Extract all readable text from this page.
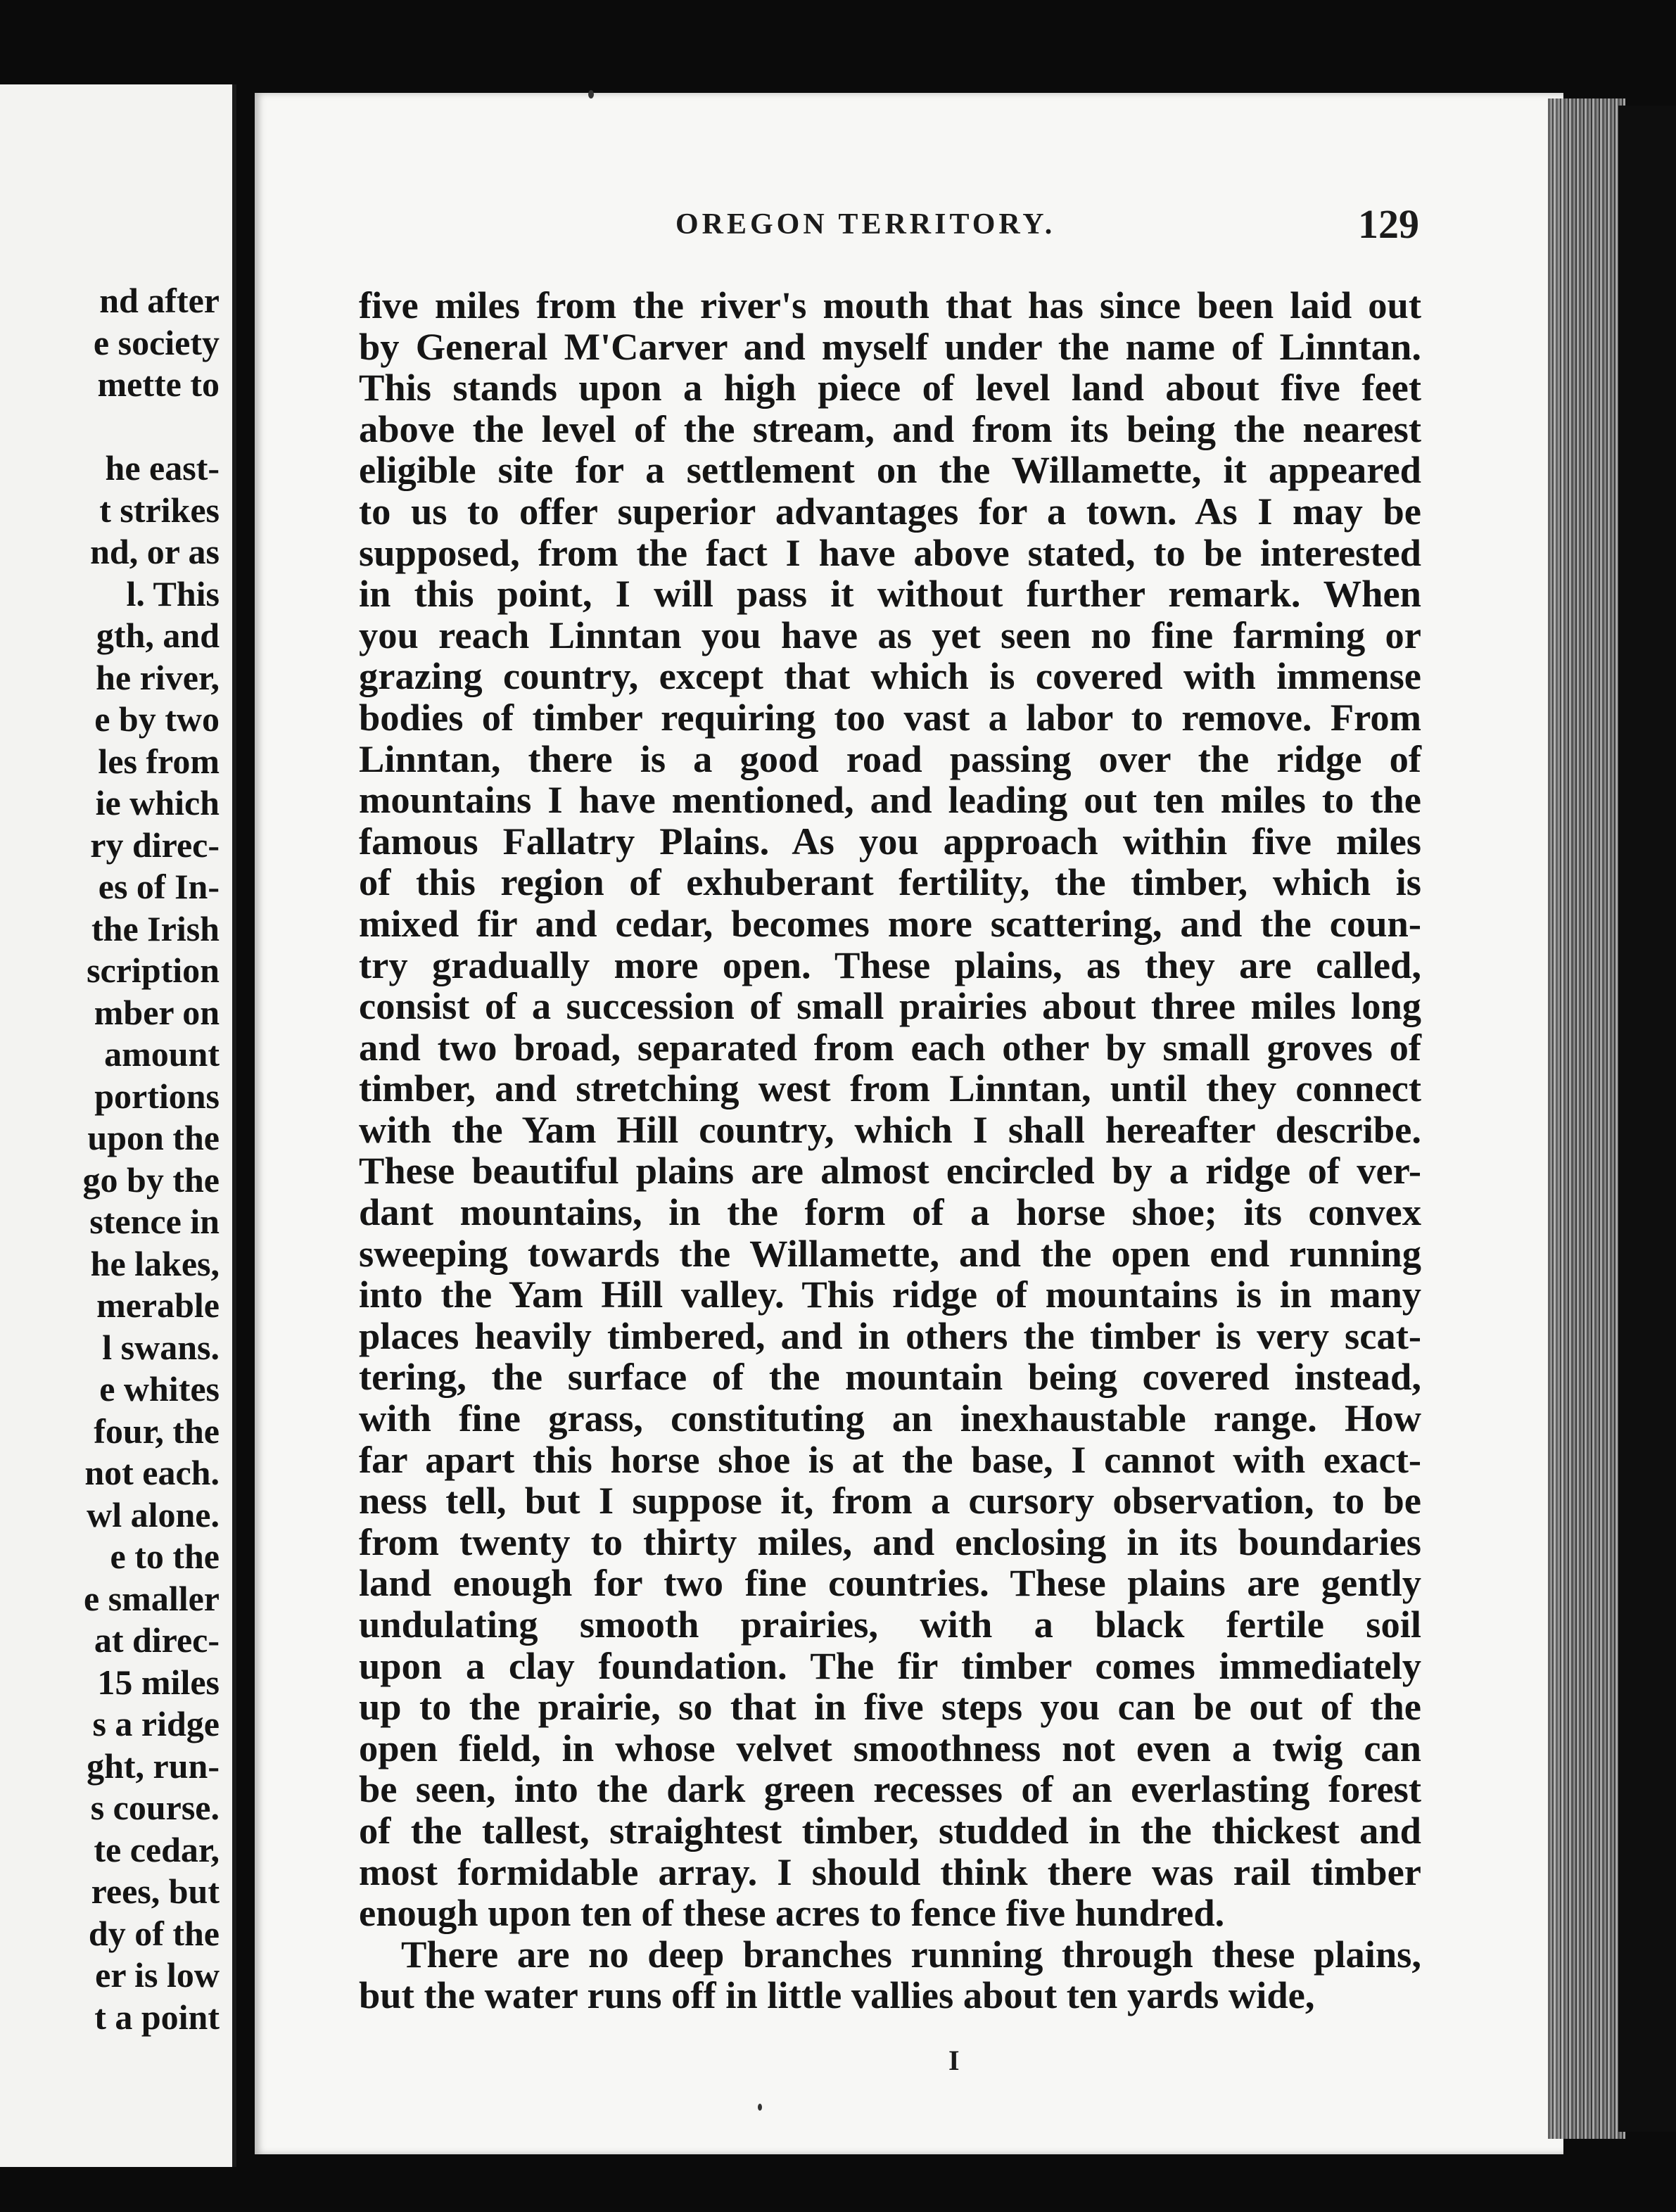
nd after
e society
mette to

he east-
t strikes
nd, or as
l. This
gth, and
he river,
e by two
les from
ie which
ry direc-
es of In-
the Irish
scription
mber on
amount
portions
upon the
go by the
stence in
he lakes,
merable
l swans.
e whites
four, the
not each.
wl alone.
e to the
e smaller
at direc-
15 miles
s a ridge
ght, run-
s course.
te cedar,
rees, but
dy of the
er is low
t a point
OREGON TERRITORY.	129
five miles from the river's mouth that has since been laid out
by General M'Carver and myself under the name of Linntan.
This stands upon a high piece of level land about five feet
above the level of the stream, and from its being the nearest
eligible site for a settlement on the Willamette, it appeared
to us to offer superior advantages for a town. As I may be
supposed, from the fact I have above stated, to be interested
in this point, I will pass it without further remark. When
you reach Linntan you have as yet seen no fine farming or
grazing country, except that which is covered with immense
bodies of timber requiring too vast a labor to remove. From
Linntan, there is a good road passing over the ridge of
mountains I have mentioned, and leading out ten miles to the
famous Fallatry Plains. As you approach within five miles
of this region of exhuberant fertility, the timber, which is
mixed fir and cedar, becomes more scattering, and the coun-
try gradually more open. These plains, as they are called,
consist of a succession of small prairies about three miles long
and two broad, separated from each other by small groves of
timber, and stretching west from Linntan, until they connect
with the Yam Hill country, which I shall hereafter describe.
These beautiful plains are almost encircled by a ridge of ver-
dant mountains, in the form of a horse shoe; its convex
sweeping towards the Willamette, and the open end running
into the Yam Hill valley. This ridge of mountains is in many
places heavily timbered, and in others the timber is very scat-
tering, the surface of the mountain being covered instead,
with fine grass, constituting an inexhaustable range. How
far apart this horse shoe is at the base, I cannot with exact-
ness tell, but I suppose it, from a cursory observation, to be
from twenty to thirty miles, and enclosing in its boundaries
land enough for two fine countries. These plains are gently
undulating smooth prairies, with a black fertile soil
upon a clay foundation. The fir timber comes immediately
up to the prairie, so that in five steps you can be out of the
open field, in whose velvet smoothness not even a twig can
be seen, into the dark green recesses of an everlasting forest
of the tallest, straightest timber, studded in the thickest and
most formidable array. I should think there was rail timber
enough upon ten of these acres to fence five hundred.
There are no deep branches running through these plains,
but the water runs off in little vallies about ten yards wide,
I
